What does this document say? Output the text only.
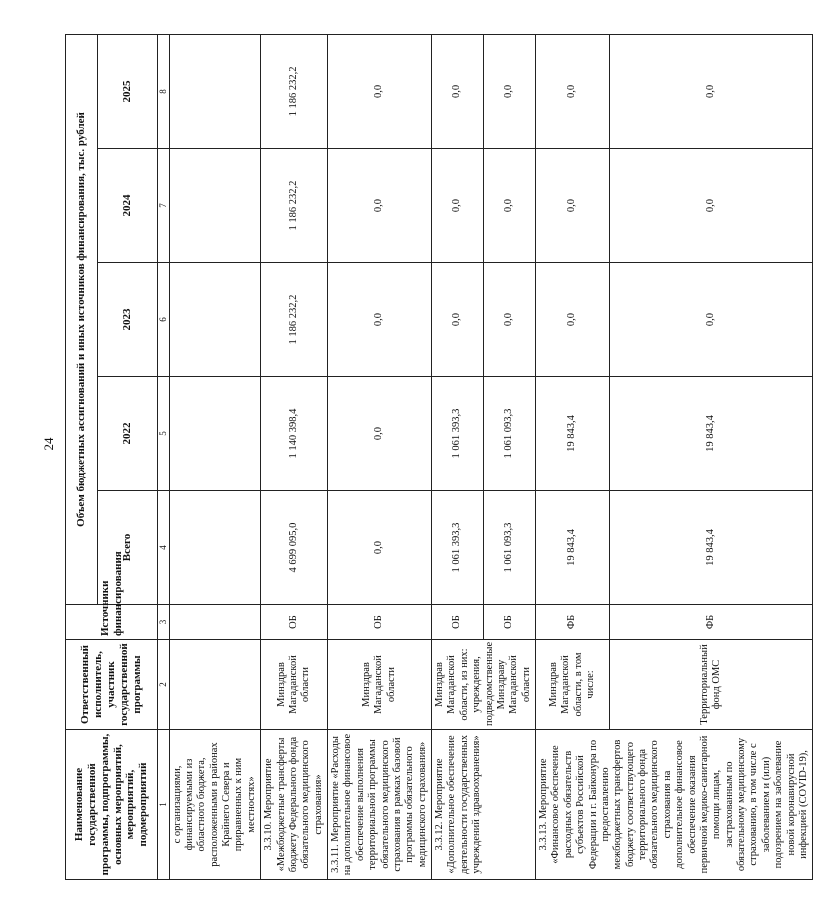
24
Наименование государственной программы, подпрограммы, основных мероприятий, мероприятий, подмероприятий	Ответственный исполнитель, участник государственной программы	Источники финансирования	Объем бюджетных ассигнований и иных источников финансирования, тыс. рублей				
			Всего	2022	2023	2024	2025
1	2	3	4	5	6	7	8
с организациями, финансируемыми из областного бюджета, расположенными в районах Крайнего Севера и приравненных к ним местностях»							
3.3.10. Мероприятие «Межбюджетные трансферты бюджету Федерального фонда обязательного медицинского страхования»	Минздрав Магаданской области	ОБ	4 699 095,0	1 140 398,4	1 186 232,2	1 186 232,2	1 186 232,2
3.3.11. Мероприятие «Расходы на дополнительное финансовое обеспечение выполнения территориальной программы обязательного медицинского страхования в рамках базовой программы обязательного медицинского страхования»	Минздрав Магаданской области	ОБ	0,0	0,0	0,0	0,0	0,0
3.3.12. Мероприятие «Дополнительное обеспечение деятельности государственных учреждений здравоохранения»	Минздрав Магаданской области, из них: учреждения, подведомственные Минздраву Магаданской области	ОБ	1 061 393,3	1 061 393,3	0,0	0,0	0,0
		ОБ	1 061 093,3	1 061 093,3	0,0	0,0	0,0
3.3.13. Мероприятие «Финансовое обеспечение расходных обязательств субъектов Российской Федерации и г. Байконура по предоставлению межбюджетных трансфертов бюджету соответствующего территориального фонда обязательного медицинского страхования на дополнительное финансовое обеспечение оказания первичной медико-санитарной помощи лицам, застрахованным по обязательному медицинскому страхованию, в том числе с заболеванием и (или) подозрением на заболевание новой коронавирусной инфекцией (COVID-19),	Минздрав Магаданской области, в том числе:	ФБ	19 843,4	19 843,4	0,0	0,0	0,0
	Территориальный фонд ОМС	ФБ	19 843,4	19 843,4	0,0	0,0	0,0
